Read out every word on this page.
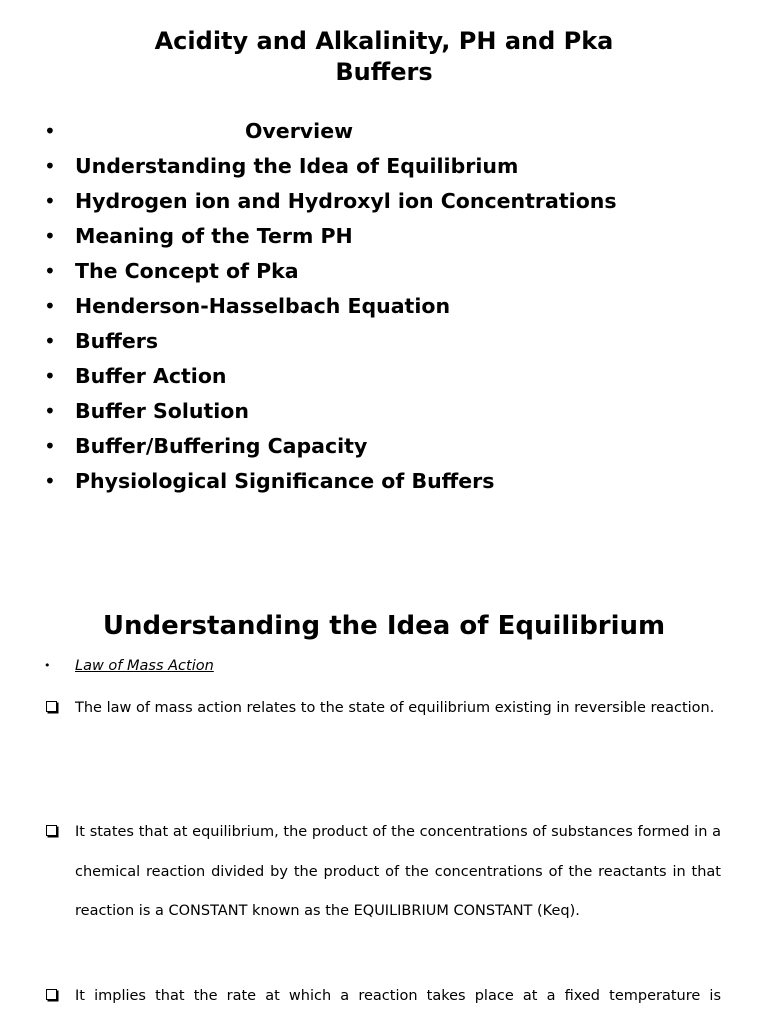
Acidity and Alkalinity, PH and Pka
Buffers
•	Overview
• Understanding the Idea of Equilibrium
• Hydrogen ion and Hydroxyl ion Concentrations
• Meaning of the Term PH
• The Concept of Pka
• Henderson-Hasselbach Equation
• Buffers
• Buffer Action
• Buffer Solution
• Buffer/Buffering Capacity
• Physiological Significance of Buffers
Understanding the Idea of Equilibrium
• Law of Mass Action

The law of mass action relates to the state of equilibrium existing in reversible reaction.

It states that at equilibrium, the product of the concentrations of substances formed in a chemical reaction divided by the product of the concentrations of the reactants in that reaction is a CONSTANT known as the EQUILIBRIUM CONSTANT (Keq).

It implies that the rate at which a reaction takes place at a fixed temperature is
